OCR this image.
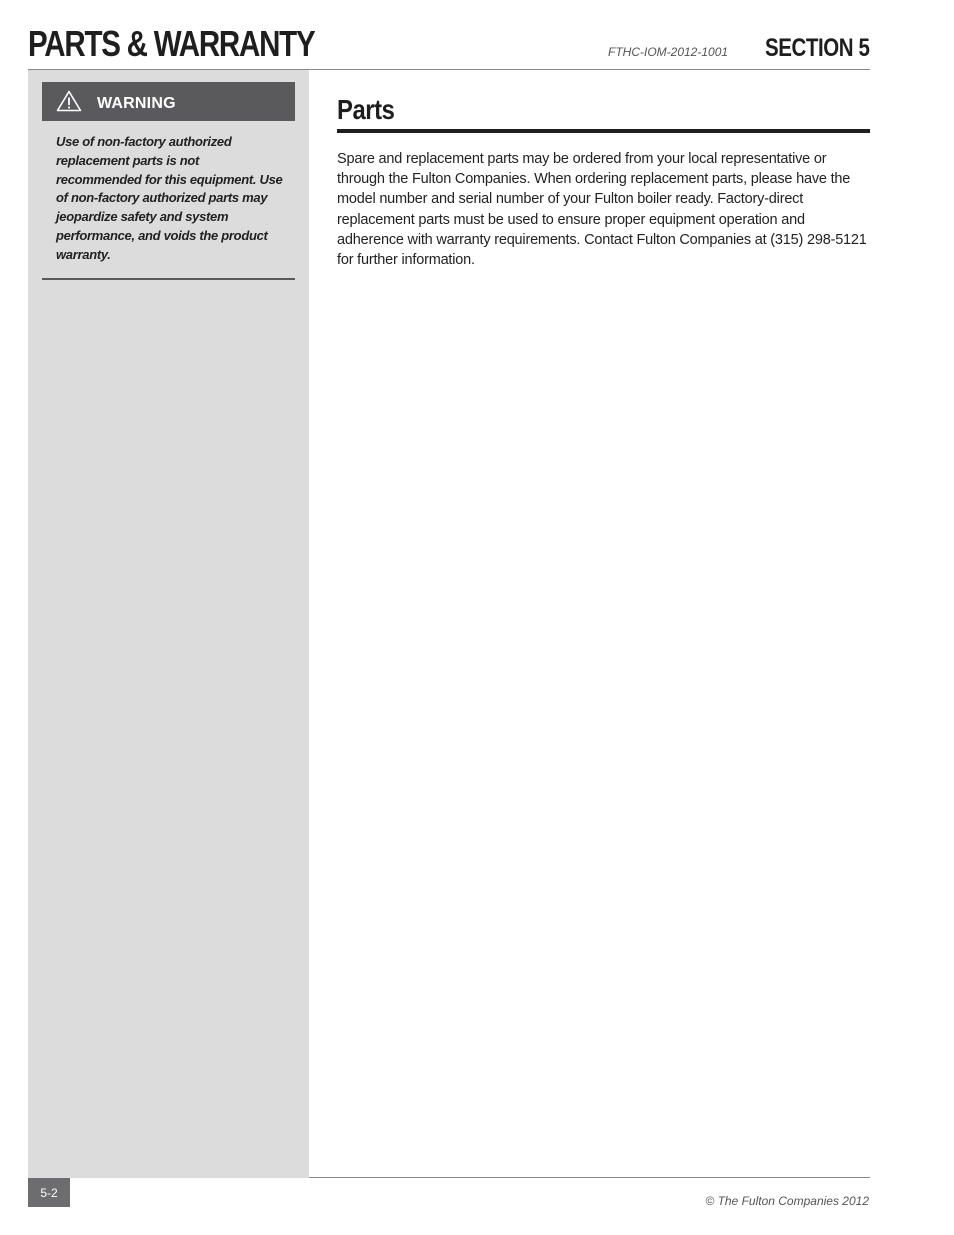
PARTS & WARRANTY	FTHC-IOM-2012-1001 SECTION 5
WARNING
Use of non-factory authorized replacement parts is not recommended for this equipment. Use of non-factory authorized parts may jeopardize safety and system performance, and voids the product warranty.
Parts
Spare and replacement parts may be ordered from your local representative or through the Fulton Companies. When ordering replacement parts, please have the model number and serial number of your Fulton boiler ready. Factory-direct replacement parts must be used to ensure proper equipment operation and adherence with warranty requirements. Contact Fulton Companies at (315) 298-5121 for further information.
5-2
© The Fulton Companies 2012
